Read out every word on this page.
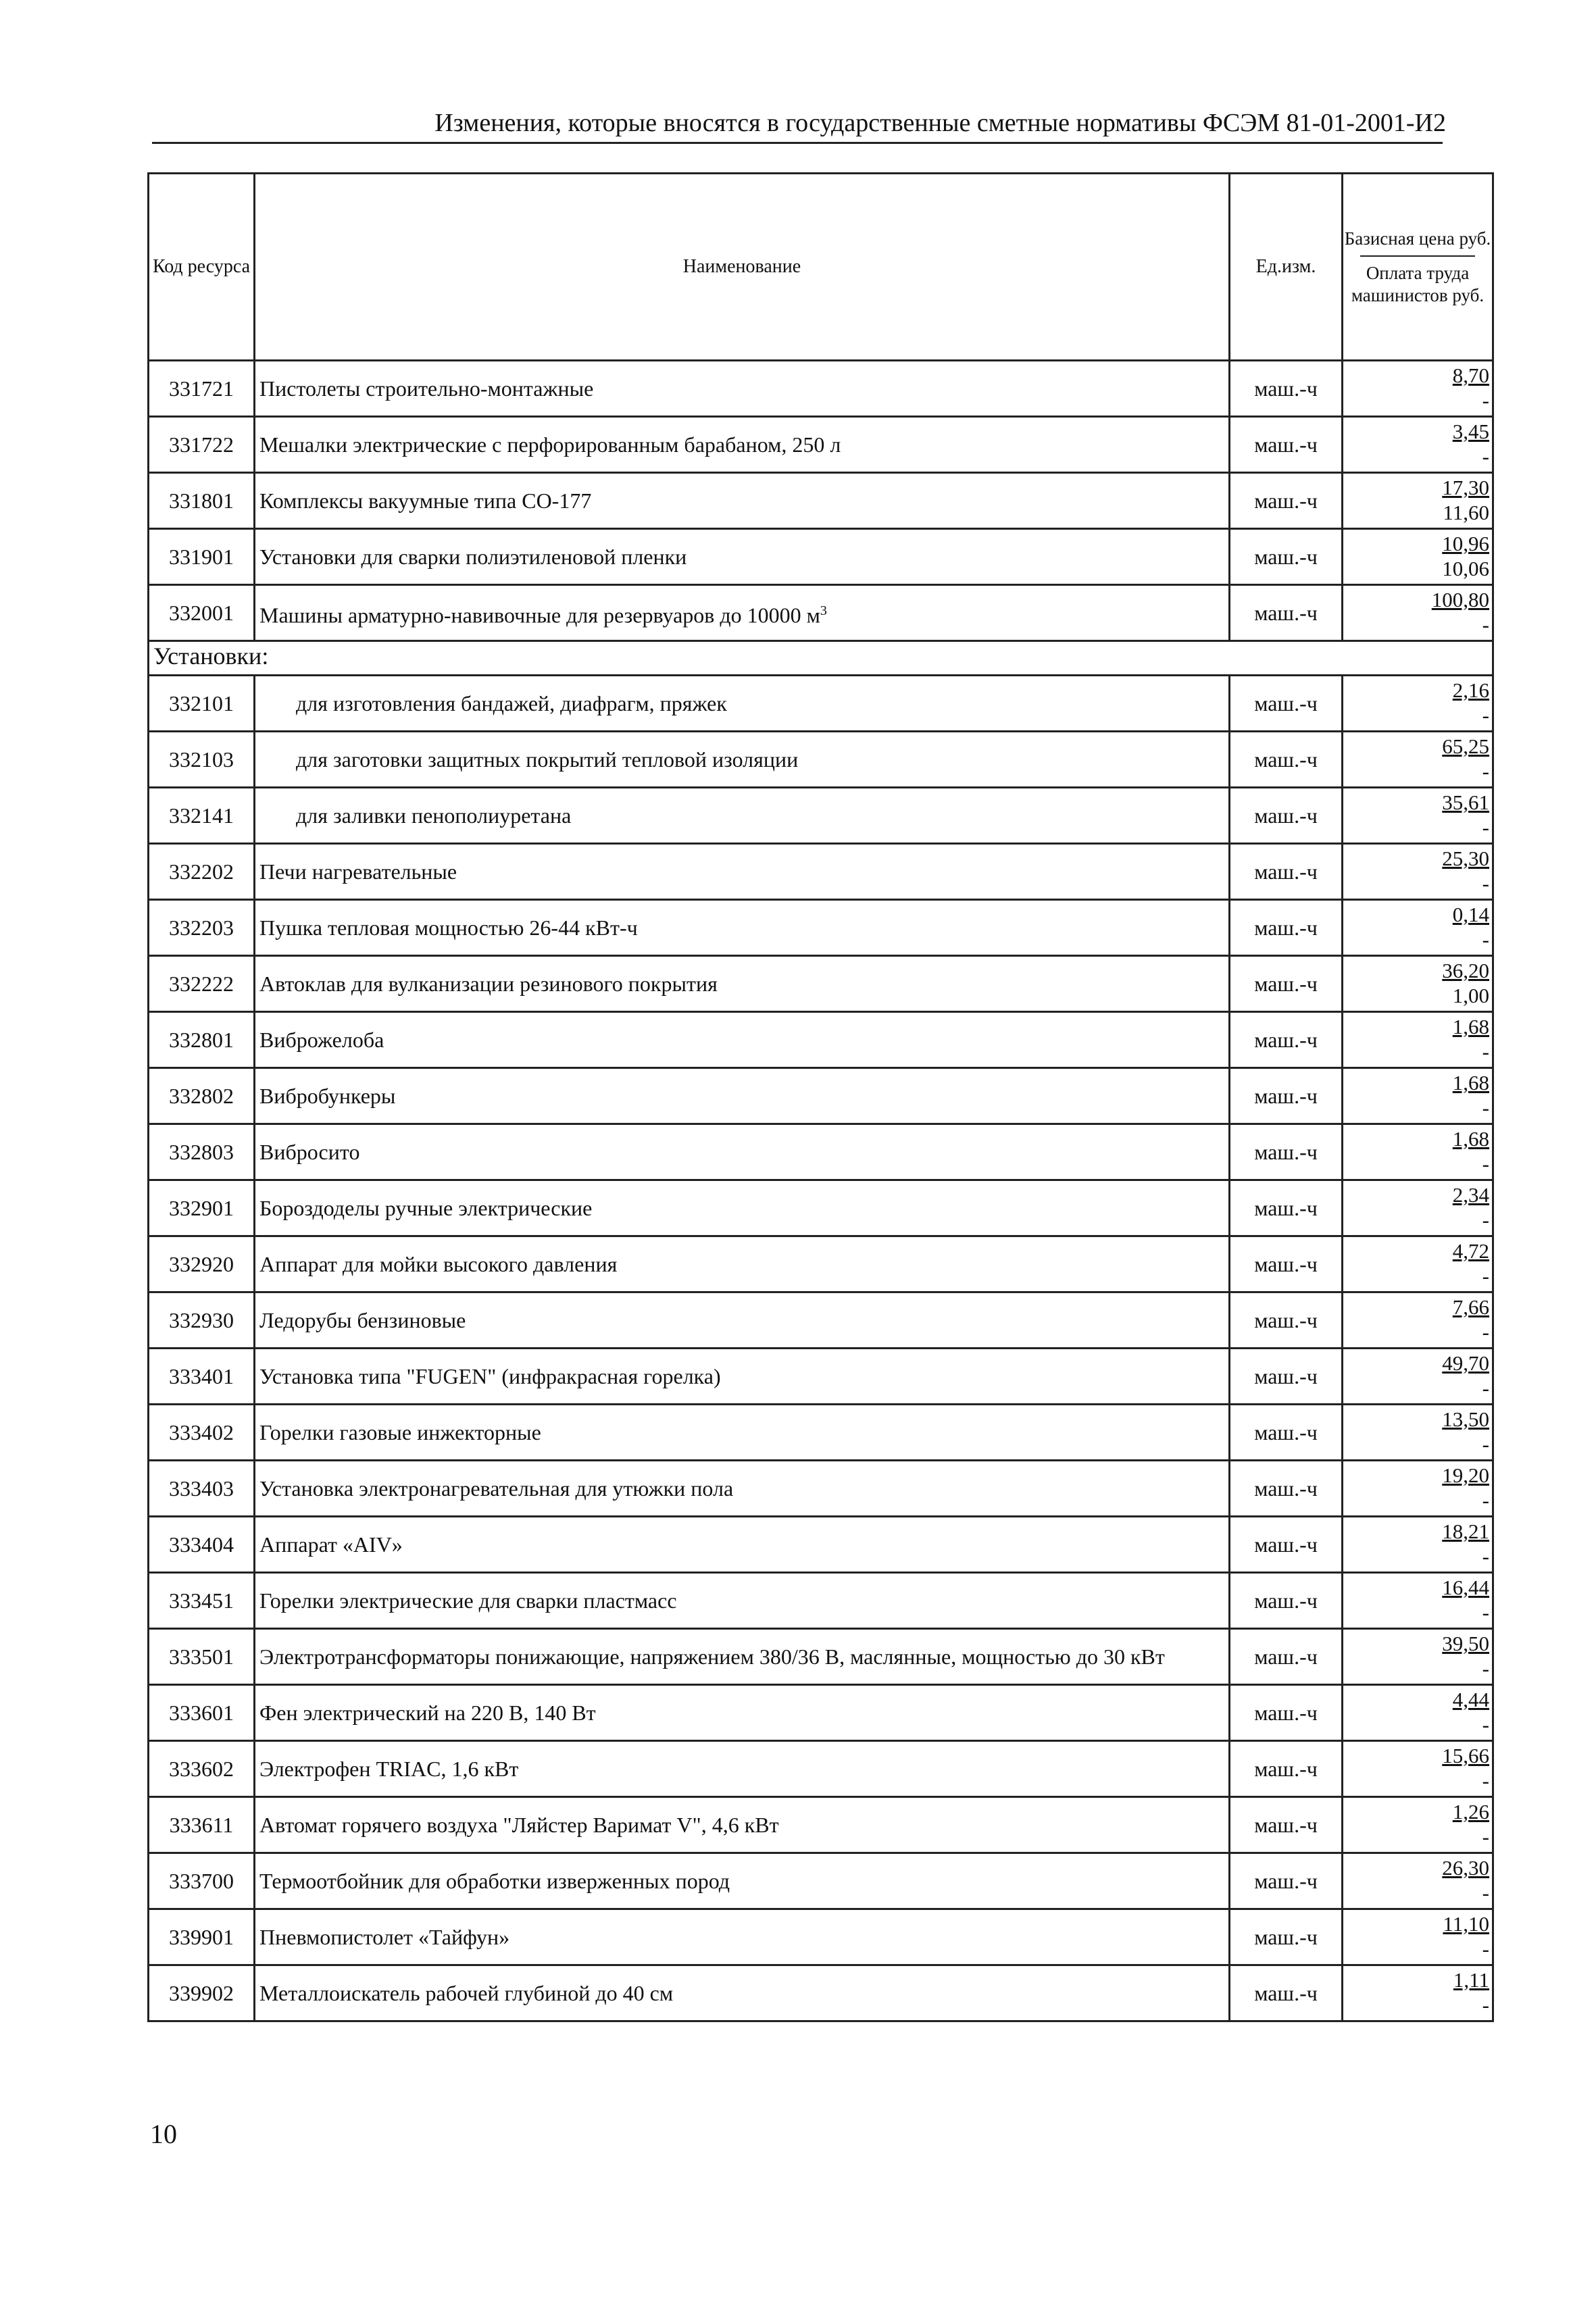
Изменения, которые вносятся в государственные сметные нормативы ФСЭМ 81-01-2001-И2
Код ресурса	Наименование	Ед.изм.	Базисная цена руб.
Оплата труда машинистов руб.

331721	Пистолеты строительно-монтажные	маш.-ч	8,70
-

331722	Мешалки электрические с перфорированным барабаном, 250 л	маш.-ч	3,45
-

331801	Комплексы вакуумные типа СО-177	маш.-ч	17,30
11,60

331901	Установки для сварки полиэтиленовой пленки	маш.-ч	10,96
10,06

332001	Машины арматурно-навивочные для резервуаров до 10000 $м^3$	маш.-ч	100,80
-

Установки:			
332101	для изготовления бандажей, диафрагм, пряжек	маш.-ч	2,16
-

332103	для заготовки защитных покрытий тепловой изоляции	маш.-ч	65,25
-

332141	для заливки пенополиуретана	маш.-ч	35,61
-

332202	Печи нагревательные	маш.-ч	25,30
-

332203	Пушка тепловая мощностью 26-44 кВт-ч	маш.-ч	0,14
-

332222	Автоклав для вулканизации резинового покрытия	маш.-ч	36,20
1,00

332801	Виброжелоба	маш.-ч	1,68
-

332802	Вибробункеры	маш.-ч	1,68
-

332803	Вибросито	маш.-ч	1,68
-

332901	Бороздоделы ручные электрические	маш.-ч	2,34
-

332920	Аппарат для мойки высокого давления	маш.-ч	4,72
-

332930	Ледорубы бензиновые	маш.-ч	7,66
-

333401	Установка типа "FUGEN" (инфракрасная горелка)	маш.-ч	49,70
-

333402	Горелки газовые инжекторные	маш.-ч	13,50
-

333403	Установка электронагревательная для утюжки пола	маш.-ч	19,20
-

333404	Аппарат «AIV»	маш.-ч	18,21
-

333451	Горелки электрические для сварки пластмасс	маш.-ч	16,44
-

333501	Электротрансформаторы понижающие, напряжением 380/36 В, маслянные, мощностью до 30 кВт	маш.-ч	39,50
-

333601	Фен электрический на 220 В, 140 Вт	маш.-ч	4,44
-

333602	Электрофен TRIAC, 1,6 кВт	маш.-ч	15,66
-

333611	Автомат горячего воздуха "Ляйстер Варимат V", 4,6 кВт	маш.-ч	1,26
-

333700	Термоотбойник для обработки изверженных пород	маш.-ч	26,30
-

339901	Пневмопистолет «Тайфун»	маш.-ч	11,10
-

339902	Металлоискатель рабочей глубиной до 40 см	маш.-ч	1,11
-
10
